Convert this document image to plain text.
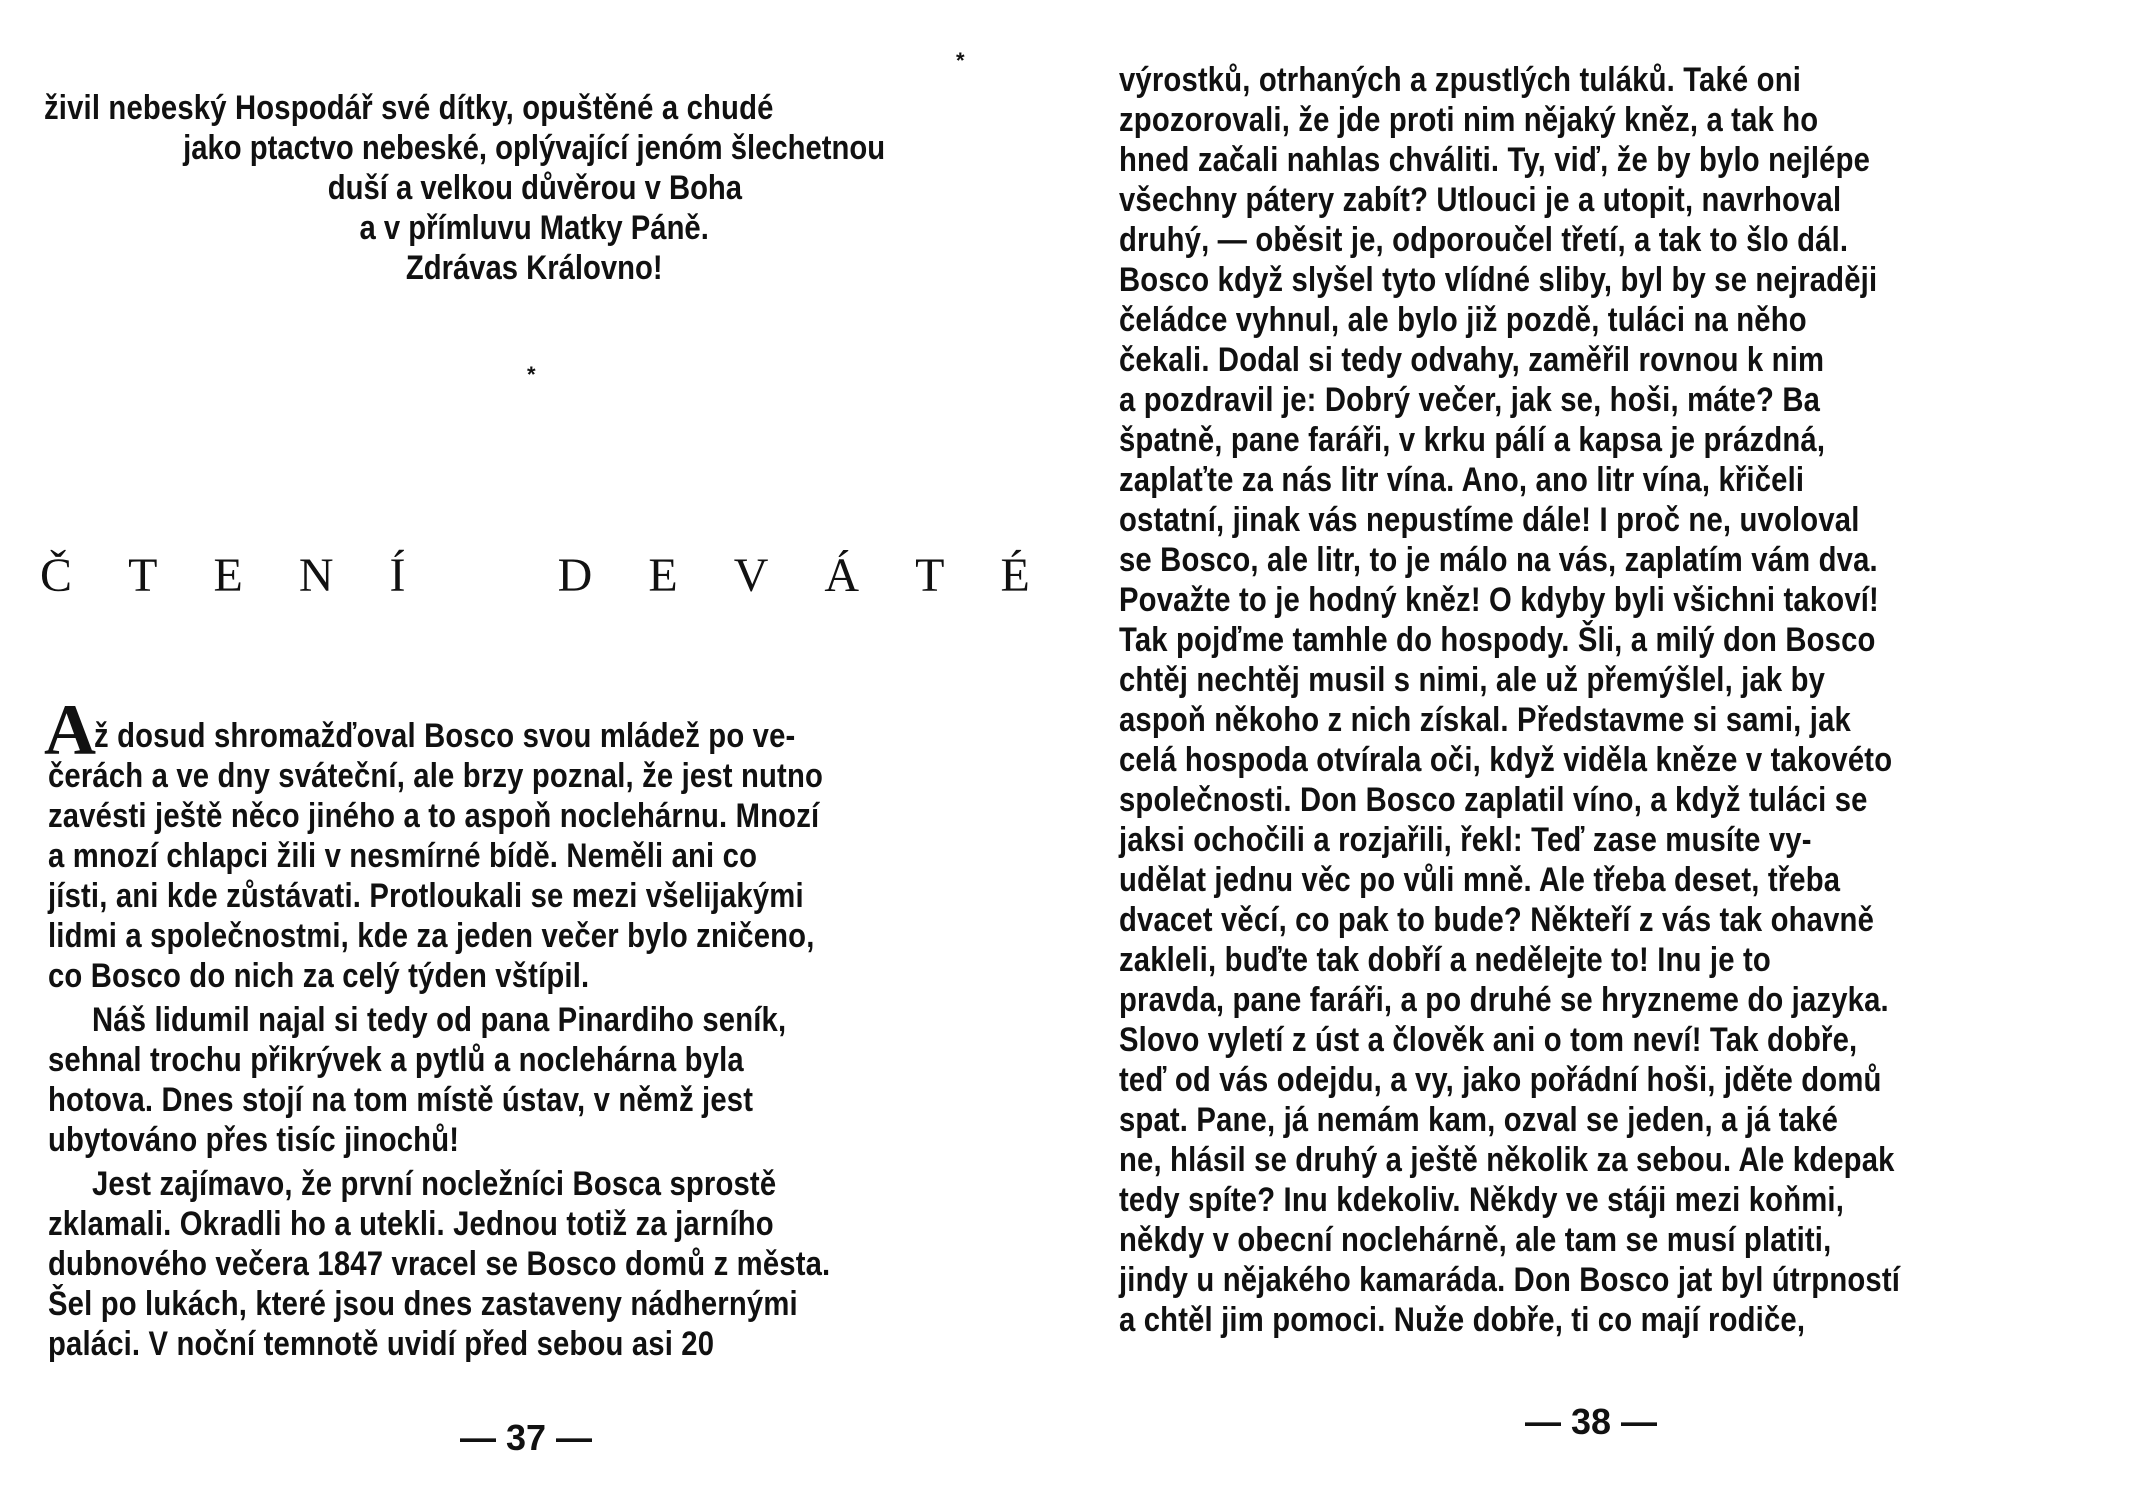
*
živil nebeský Hospodář své dítky, opuštěné a chudé
jako ptactvo nebeské, oplývající jenóm šlechetnou
duší a velkou důvěrou v Boha
a v přímluvu Matky Páně.
Zdrávas Královno!
*
Č T E N Í	D E V Á T É
A
ž dosud shromažďoval Bosco svou mládež po ve-
čerách a ve dny sváteční, ale brzy poznal, že jest nutno
zavésti ještě něco jiného a to aspoň noclehárnu. Mnozí
a mnozí chlapci žili v nesmírné bídě. Neměli ani co
jísti, ani kde zůstávati. Protloukali se mezi všelijakými
lidmi a společnostmi, kde za jeden večer bylo zničeno,
co Bosco do nich za celý týden vštípil.
Náš lidumil najal si tedy od pana Pinardiho seník,
sehnal trochu přikrývek a pytlů a noclehárna byla
hotova. Dnes stojí na tom místě ústav, v němž jest
ubytováno přes tisíc jinochů!
Jest zajímavo, že první nocležníci Bosca sprostě
zklamali. Okradli ho a utekli. Jednou totiž za jarního
dubnového večera 1847 vracel se Bosco domů z města.
Šel po lukách, které jsou dnes zastaveny nádhernými
paláci. V noční temnotě uvidí před sebou asi 20
— 37 —
výrostků, otrhaných a zpustlých tuláků. Také oni
zpozorovali, že jde proti nim nějaký kněz, a tak ho
hned začali nahlas chváliti. Ty, viď, že by bylo nejlépe
všechny pátery zabít? Utlouci je a utopit, navrhoval
druhý, — oběsit je, odporoučel třetí, a tak to šlo dál.
Bosco když slyšel tyto vlídné sliby, byl by se nejraději
čeládce vyhnul, ale bylo již pozdě, tuláci na něho
čekali. Dodal si tedy odvahy, zaměřil rovnou k nim
a pozdravil je: Dobrý večer, jak se, hoši, máte? Ba
špatně, pane faráři, v krku pálí a kapsa je prázdná,
zaplaťte za nás litr vína. Ano, ano litr vína, křičeli
ostatní, jinak vás nepustíme dále! I proč ne, uvoloval
se Bosco, ale litr, to je málo na vás, zaplatím vám dva.
Považte to je hodný kněz! O kdyby byli všichni takoví!
Tak pojďme tamhle do hospody. Šli, a milý don Bosco
chtěj nechtěj musil s nimi, ale už přemýšlel, jak by
aspoň někoho z nich získal. Představme si sami, jak
celá hospoda otvírala oči, když viděla kněze v takovéto
společnosti. Don Bosco zaplatil víno, a když tuláci se
jaksi ochočili a rozjařili, řekl: Teď zase musíte vy-
udělat jednu věc po vůli mně. Ale třeba deset, třeba
dvacet věcí, co pak to bude? Někteří z vás tak ohavně
zakleli, buďte tak dobří a nedělejte to! Inu je to
pravda, pane faráři, a po druhé se hryzneme do jazyka.
Slovo vyletí z úst a člověk ani o tom neví! Tak dobře,
teď od vás odejdu, a vy, jako pořádní hoši, jděte domů
spat. Pane, já nemám kam, ozval se jeden, a já také
ne, hlásil se druhý a ještě několik za sebou. Ale kdepak
tedy spíte? Inu kdekoliv. Někdy ve stáji mezi koňmi,
někdy v obecní noclehárně, ale tam se musí platiti,
jindy u nějakého kamaráda. Don Bosco jat byl útrpností
a chtěl jim pomoci. Nuže dobře, ti co mají rodiče,
— 38 —
